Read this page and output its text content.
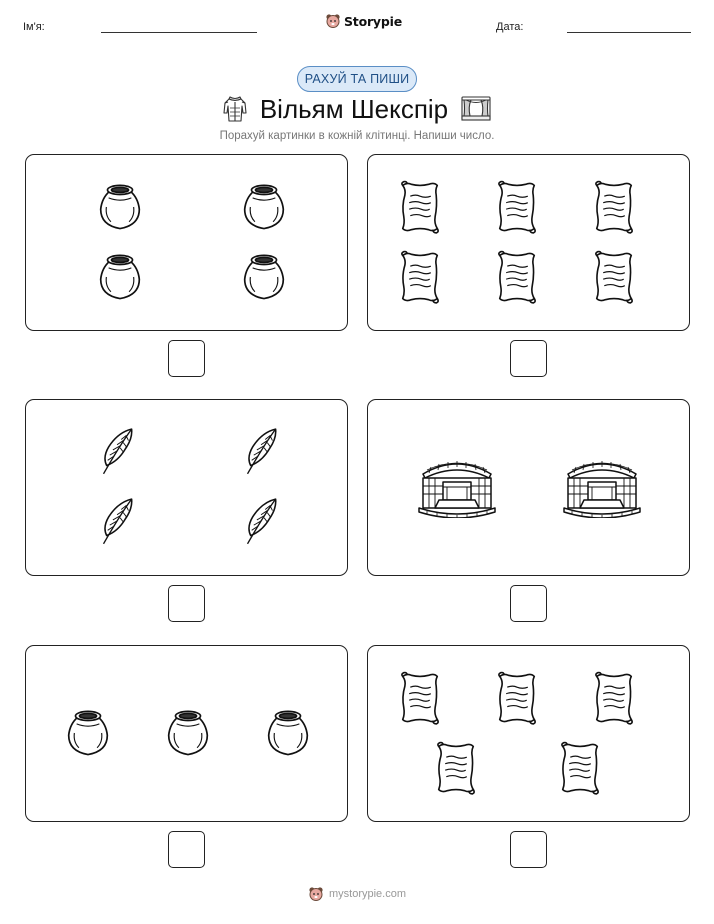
Ім'я:	Дата:
Storypie
РАХУЙ ТА ПИШИ
Вільям Шекспір
Порахуй картинки в кожній клітинці. Напиши число.
mystorypie.com
